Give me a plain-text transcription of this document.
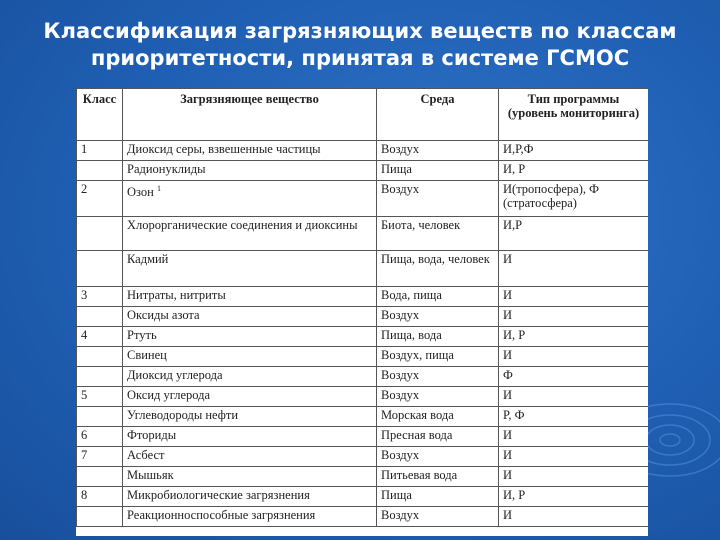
Классификация загрязняющих веществ по классам
приоритетности, принятая в системе ГСМОС
Класс	Загрязняющее вещество	Среда	Тип программы (уровень мониторинга)
1	Диоксид серы, взвешенные частицы	Воздух	И,Р,Ф
	Радионуклиды	Пища	И, Р
2	Озон $^1$	Воздух	И(тропосфера), Ф (стратосфера)
	Хлорорганические соединения и диоксины	Биота, человек	И,Р
	Кадмий	Пища, вода, человек	И
3	Нитраты, нитриты	Вода, пища	И
	Оксиды азота	Воздух	И
4	Ртуть	Пища, вода	И, Р
	Свинец	Воздух, пища	И
	Диоксид углерода	Воздух	Ф
5	Оксид углерода	Воздух	И
	Углеводороды нефти	Морская вода	Р, Ф
6	Фториды	Пресная вода	И
7	Асбест	Воздух	И
	Мышьяк	Питьевая вода	И
8	Микробиологические загрязнения	Пища	И, Р
	Реакционноспособные загрязнения	Воздух	И
